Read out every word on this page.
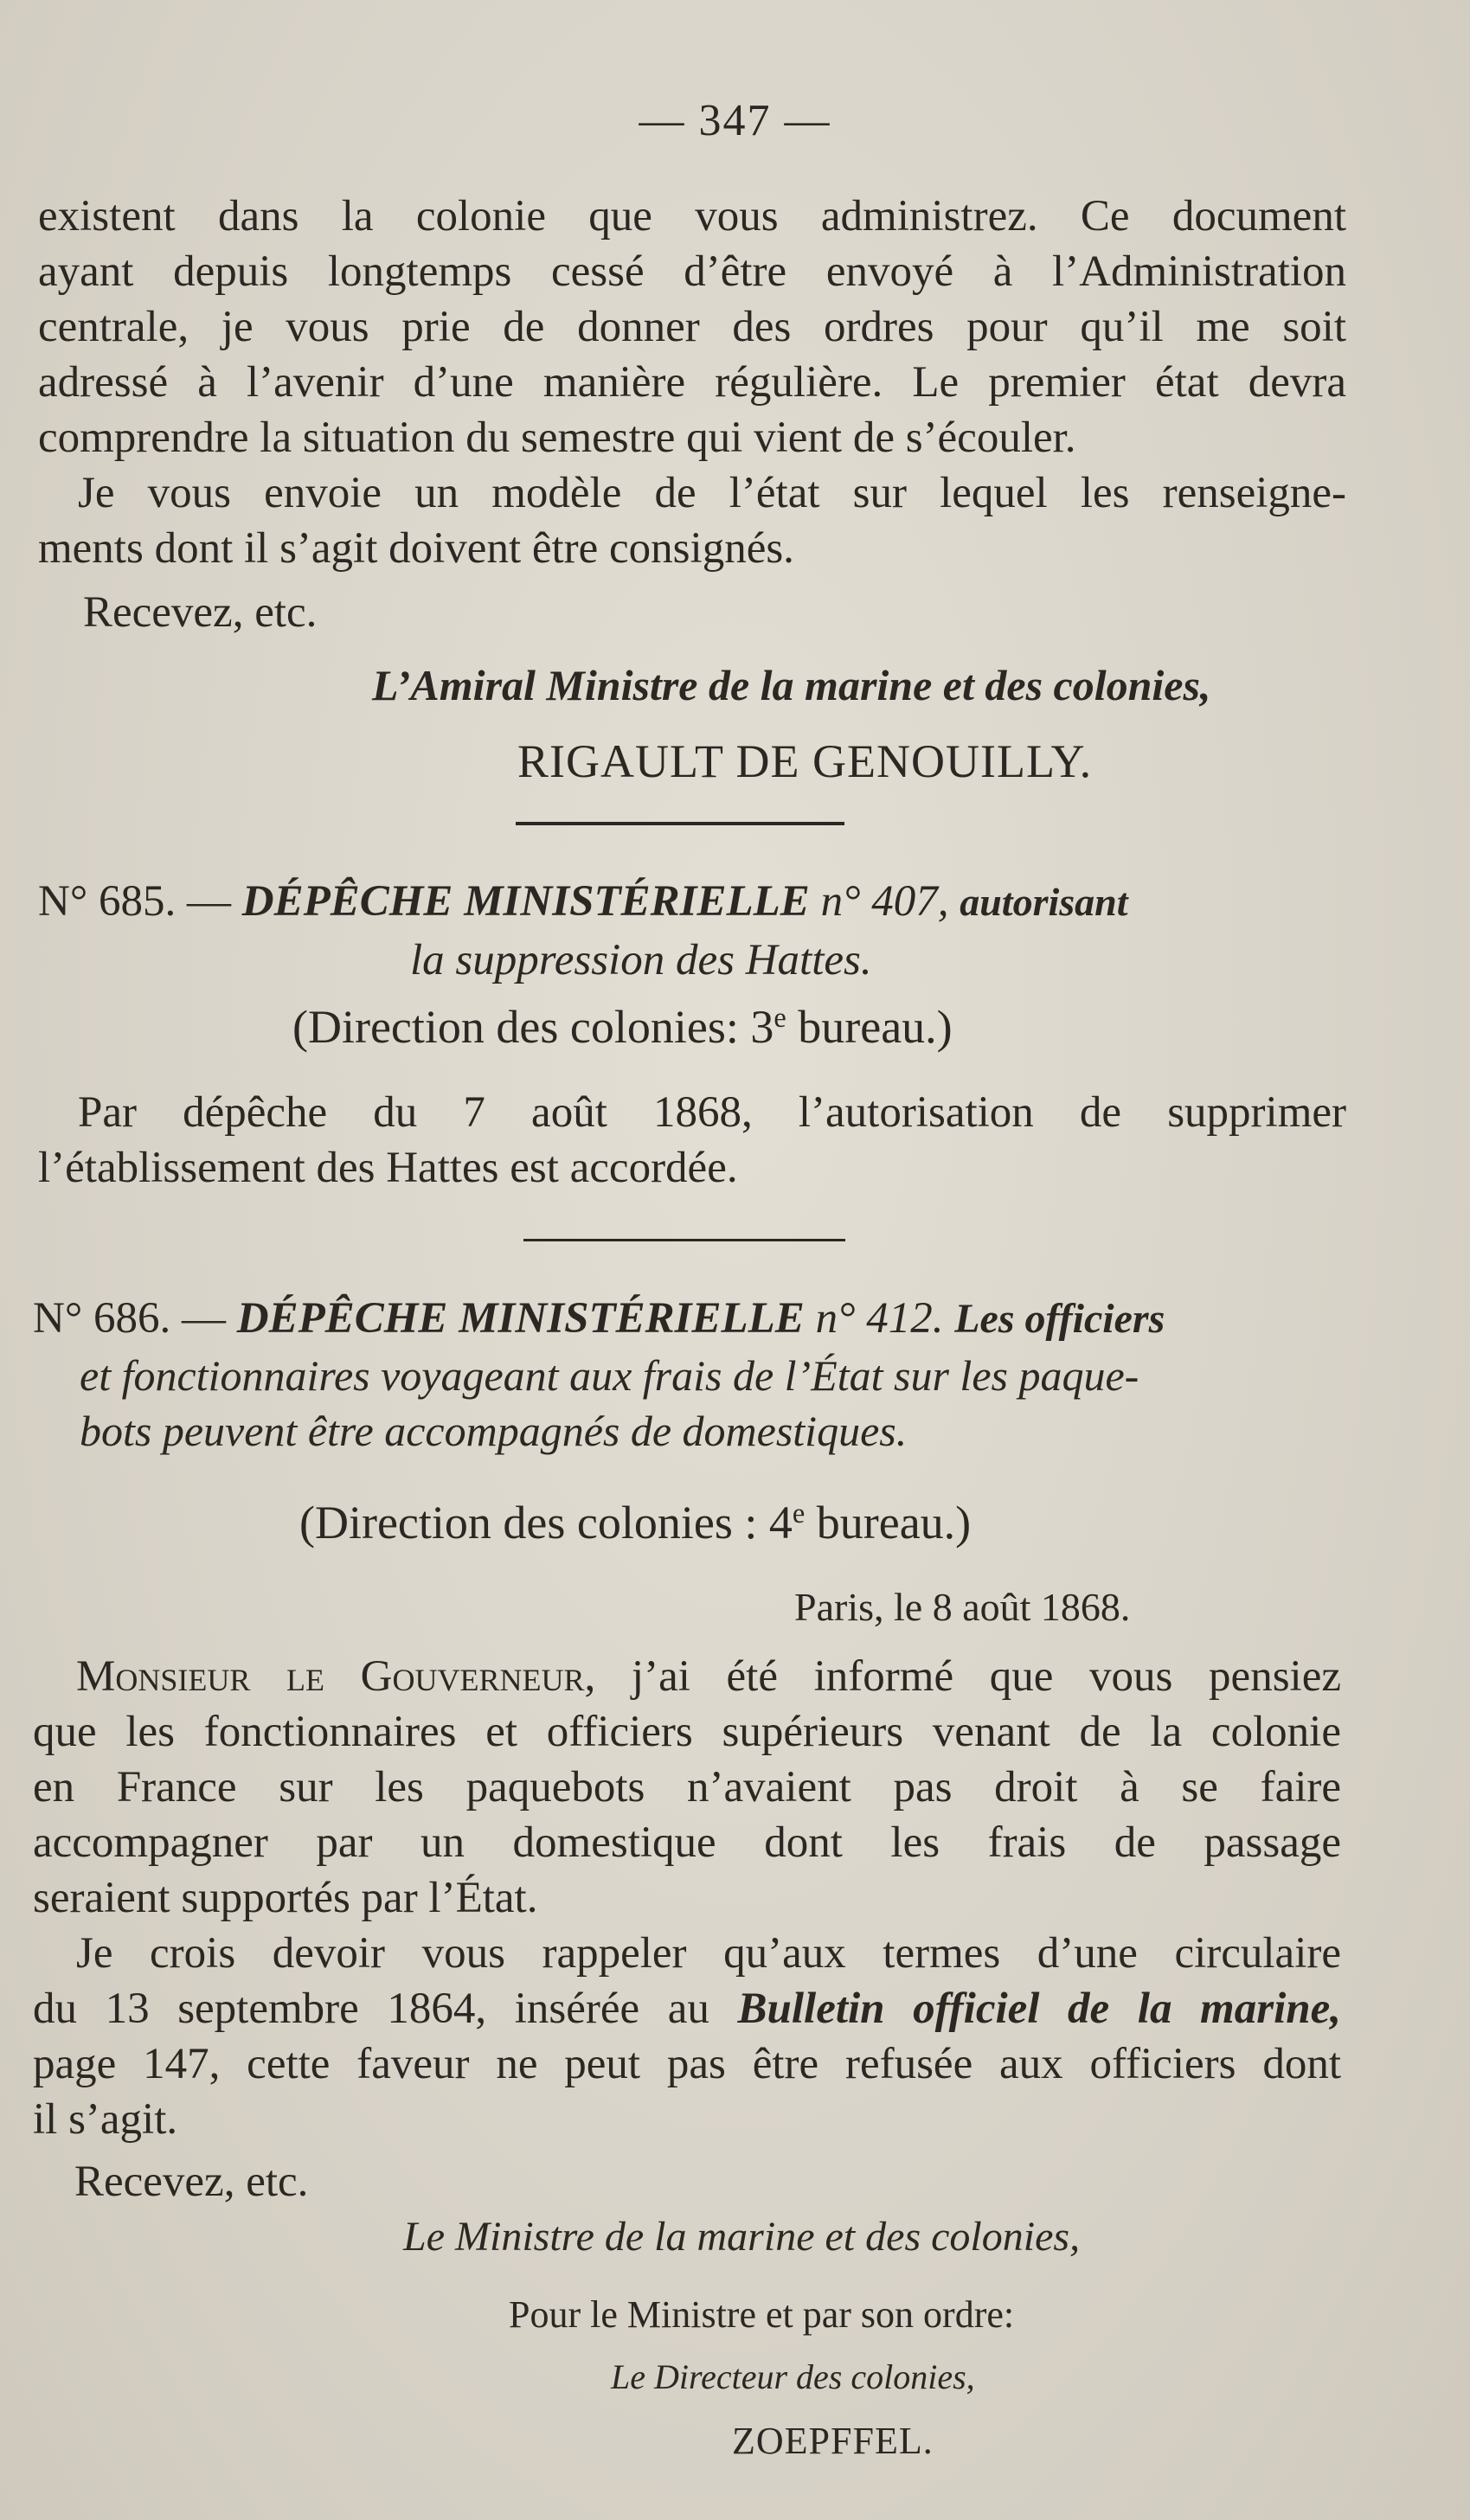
— 347 —

existent dans la colonie que vous administrez. Ce document

ayant depuis longtemps cessé d’être envoyé à l’Administration

centrale, je vous prie de donner des ordres pour qu’il me soit

adressé à l’avenir d’une manière régulière. Le premier état devra

comprendre la situation du semestre qui vient de s’écouler.

Je vous envoie un modèle de l’état sur lequel les renseigne-

ments dont il s’agit doivent être consignés.

Recevez, etc.
L’Amiral Ministre de la marine et des colonies,
RIGAULT DE GENOUILLY.
N° 685. — DÉPÊCHE MINISTÉRIELLE n° 407, autorisant
la suppression des Hattes.
(Direction des colonies: 3e bureau.)

Par dépêche du 7 août 1868, l’autorisation de supprimer

l’établissement des Hattes est accordée.

N° 686. — DÉPÊCHE MINISTÉRIELLE n° 412. Les officiers
et fonctionnaires voyageant aux frais de l’État sur les paque-
bots peuvent être accompagnés de domestiques.
(Direction des colonies : 4e bureau.)
Paris, le 8 août 1868.

Monsieur le Gouverneur, j’ai été informé que vous pensiez

que les fonctionnaires et officiers supérieurs venant de la colonie

en France sur les paquebots n’avaient pas droit à se faire

accompagner par un domestique dont les frais de passage

seraient supportés par l’État.

Je crois devoir vous rappeler qu’aux termes d’une circulaire

du 13 septembre 1864, insérée au Bulletin officiel de la marine,

page 147, cette faveur ne peut pas être refusée aux officiers dont

il s’agit.

Recevez, etc.
Le Ministre de la marine et des colonies,
Pour le Ministre et par son ordre:
Le Directeur des colonies,
ZOEPFFEL.
